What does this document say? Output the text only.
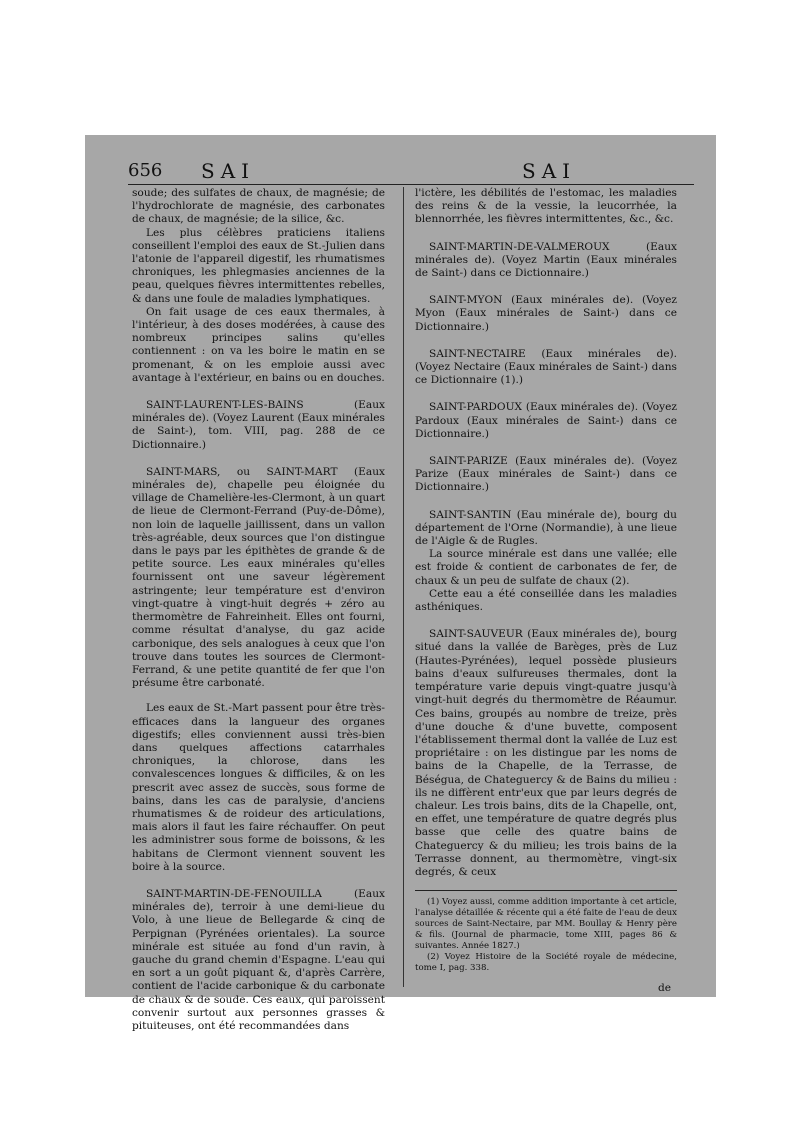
656 SAI	SAI

soude; des sulfates de chaux, de magnésie; de l'hydrochlorate de magnésie, des carbonates de chaux, de magnésie; de la silice, &c.

Les plus célèbres praticiens italiens conseillent l'emploi des eaux de St.-Julien dans l'atonie de l'appareil digestif, les rhumatismes chroniques, les phlegmasies anciennes de la peau, quelques fièvres intermittentes rebelles, & dans une foule de maladies lymphatiques.

On fait usage de ces eaux thermales, à l'intérieur, à des doses modérées, à cause des nombreux principes salins qu'elles contiennent : on va les boire le matin en se promenant, & on les emploie aussi avec avantage à l'extérieur, en bains ou en douches.

SAINT-LAURENT-LES-BAINS (Eaux minérales de). (Voyez Laurent (Eaux minérales de Saint-), tom. VIII, pag. 288 de ce Dictionnaire.)

SAINT-MARS, ou SAINT-MART (Eaux minérales de), chapelle peu éloignée du village de Chamelière-les-Clermont, à un quart de lieue de Clermont-Ferrand (Puy-de-Dôme), non loin de laquelle jaillissent, dans un vallon très-agréable, deux sources que l'on distingue dans le pays par les épithètes de grande & de petite source. Les eaux minérales qu'elles fournissent ont une saveur légèrement astringente; leur température est d'environ vingt-quatre à vingt-huit degrés + zéro au thermomètre de Fahreinheit. Elles ont fourni, comme résultat d'analyse, du gaz acide carbonique, des sels analogues à ceux que l'on trouve dans toutes les sources de Clermont-Ferrand, & une petite quantité de fer que l'on présume être carbonaté.

Les eaux de St.-Mart passent pour être très-efficaces dans la langueur des organes digestifs; elles conviennent aussi très-bien dans quelques affections catarrhales chroniques, la chlorose, dans les convalescences longues & difficiles, & on les prescrit avec assez de succès, sous forme de bains, dans les cas de paralysie, d'anciens rhumatismes & de roideur des articulations, mais alors il faut les faire réchauffer. On peut les administrer sous forme de boissons, & les habitans de Clermont viennent souvent les boire à la source.

SAINT-MARTIN-DE-FENOUILLA (Eaux minérales de), terroir à une demi-lieue du Volo, à une lieue de Bellegarde & cinq de Perpignan (Pyrénées orientales). La source minérale est située au fond d'un ravin, à gauche du grand chemin d'Espagne. L'eau qui en sort a un goût piquant &, d'après Carrère, contient de l'acide carbonique & du carbonate de chaux & de soude. Ces eaux, qui paroissent convenir surtout aux personnes grasses & pituiteuses, ont été recommandées dans

l'ictère, les débilités de l'estomac, les maladies des reins & de la vessie, la leucorrhée, la blennorrhée, les fièvres intermittentes, &c., &c.

SAINT-MARTIN-DE-VALMEROUX (Eaux minérales de). (Voyez Martin (Eaux minérales de Saint-) dans ce Dictionnaire.)

SAINT-MYON (Eaux minérales de). (Voyez Myon (Eaux minérales de Saint-) dans ce Dictionnaire.)

SAINT-NECTAIRE (Eaux minérales de). (Voyez Nectaire (Eaux minérales de Saint-) dans ce Dictionnaire (1).)

SAINT-PARDOUX (Eaux minérales de). (Voyez Pardoux (Eaux minérales de Saint-) dans ce Dictionnaire.)

SAINT-PARIZE (Eaux minérales de). (Voyez Parize (Eaux minérales de Saint-) dans ce Dictionnaire.)

SAINT-SANTIN (Eau minérale de), bourg du département de l'Orne (Normandie), à une lieue de l'Aigle & de Rugles.

La source minérale est dans une vallée; elle est froide & contient de carbonates de fer, de chaux & un peu de sulfate de chaux (2).

Cette eau a été conseillée dans les maladies asthéniques.

SAINT-SAUVEUR (Eaux minérales de), bourg situé dans la vallée de Barèges, près de Luz (Hautes-Pyrénées), lequel possède plusieurs bains d'eaux sulfureuses thermales, dont la température varie depuis vingt-quatre jusqu'à vingt-huit degrés du thermomètre de Réaumur. Ces bains, groupés au nombre de treize, près d'une douche & d'une buvette, composent l'établissement thermal dont la vallée de Luz est propriétaire : on les distingue par les noms de bains de la Chapelle, de la Terrasse, de Béségua, de Chateguercy & de Bains du milieu : ils ne diffèrent entr'eux que par leurs degrés de chaleur. Les trois bains, dits de la Chapelle, ont, en effet, une température de quatre degrés plus basse que celle des quatre bains de Chateguercy & du milieu; les trois bains de la Terrasse donnent, au thermomètre, vingt-six degrés, & ceux

(1) Voyez aussi, comme addition importante à cet article, l'analyse détaillée & récente qui a été faite de l'eau de deux sources de Saint-Nectaire, par MM. Boullay & Henry père & fils. (Journal de pharmacie, tome XIII, pages 86 & suivantes. Année 1827.)

(2) Voyez Histoire de la Société royale de médecine, tome I, pag. 338.

de
